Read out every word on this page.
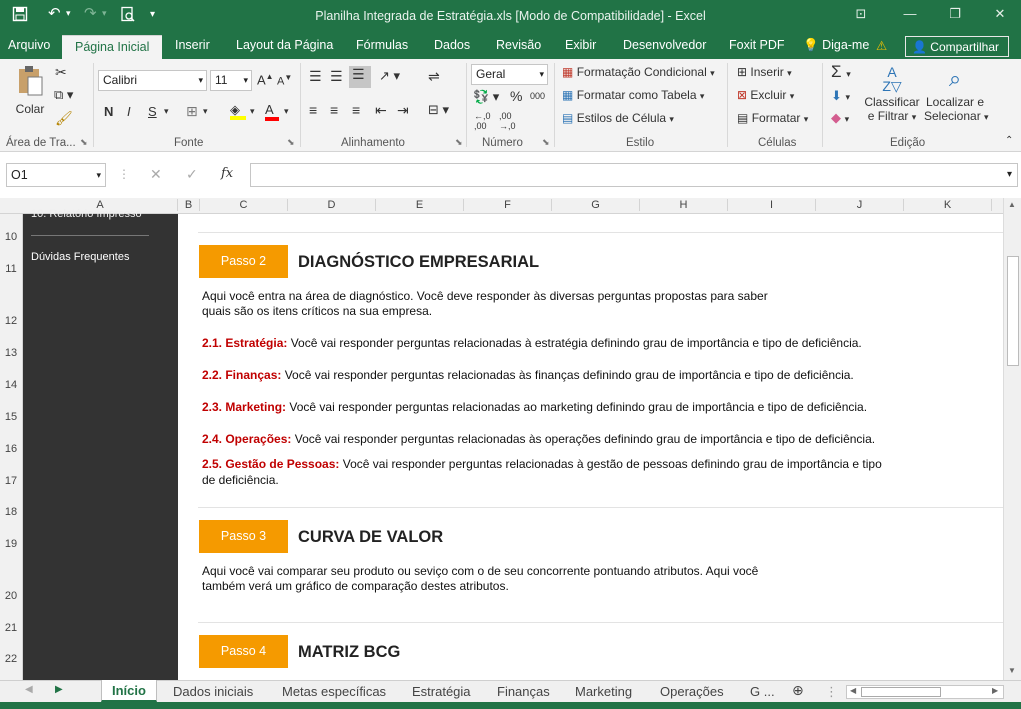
↶ ▾ ↷ ▾	▾	Planilha Integrada de Estratégia.xls [Modo de Compatibilidade] - Excel	⊡	—	❐	✕
Arquivo	Página Inicial	Inserir Layout da Página Fórmulas Dados Revisão Exibir Desenvolvedor Foxit PDF 💡 Diga-me ⚠	👤 Compartilhar
Colar
✂
⧉ ▾
🖌
Área de Tra... ⬊
Calibri	▾	11 ▾ A▲ A▼
N I S ▾ ⊞ ▾ ◈	▾ A	▾
Fonte	⬊
☰ ☰ ☰	↗ ▾ ⇌
≡ ≡ ≡ ⇤ ⇥ ⊟ ▾
Alinhamento	⬊
Geral	▾
💱 ▾ % 000
←,0
,00
,00
→,0
Número ⬊
▦ Formatação Condicional ▾
▦ Formatar como Tabela ▾
▤ Estilos de Célula ▾
Estilo
⊞ Inserir ▾
⊠ Excluir ▾
▤ Formatar ▾
Células
Σ ▾
⬇ ▾
◆ ▾
A
Z▽
Classificar
e Filtrar ▾
⌕
Localizar e
Selecionar ▾
Edição	⌃
O1	▾ ⋮ ✕ ✓ fx	▾
A	B	C	D	E	F	G	H	I	J	K
10
11
12
13
14
15
16
17
18
19
20
21
22
10. Relatório Impresso
Dúvidas Frequentes	Passo 2	DIAGNÓSTICO EMPRESARIAL
Aqui você entra na área de diagnóstico. Você deve responder às diversas perguntas propostas para saber
quais são os itens críticos na sua empresa.
2.1. Estratégia: Você vai responder perguntas relacionadas à estratégia definindo grau de importância e tipo de deficiência.
2.2. Finanças: Você vai responder perguntas relacionadas às finanças definindo grau de importância e tipo de deficiência.
2.3. Marketing: Você vai responder perguntas relacionadas ao marketing definindo grau de importância e tipo de deficiência.
2.4. Operações: Você vai responder perguntas relacionadas às operações definindo grau de importância e tipo de deficiência.
2.5. Gestão de Pessoas: Você vai responder perguntas relacionadas à gestão de pessoas definindo grau de importância e tipo
de deficiência.
Passo 3	CURVA DE VALOR
Aqui você vai comparar seu produto ou seviço com o de seu concorrente pontuando atributos. Aqui você
também verá um gráfico de comparação destes atributos.
Passo 4	MATRIZ BCG
▲
▼
◀ ▶	Início	Dados iniciais Metas específicas Estratégia Finanças Marketing Operações G ... ⊕ ⋮ ◀	▶
